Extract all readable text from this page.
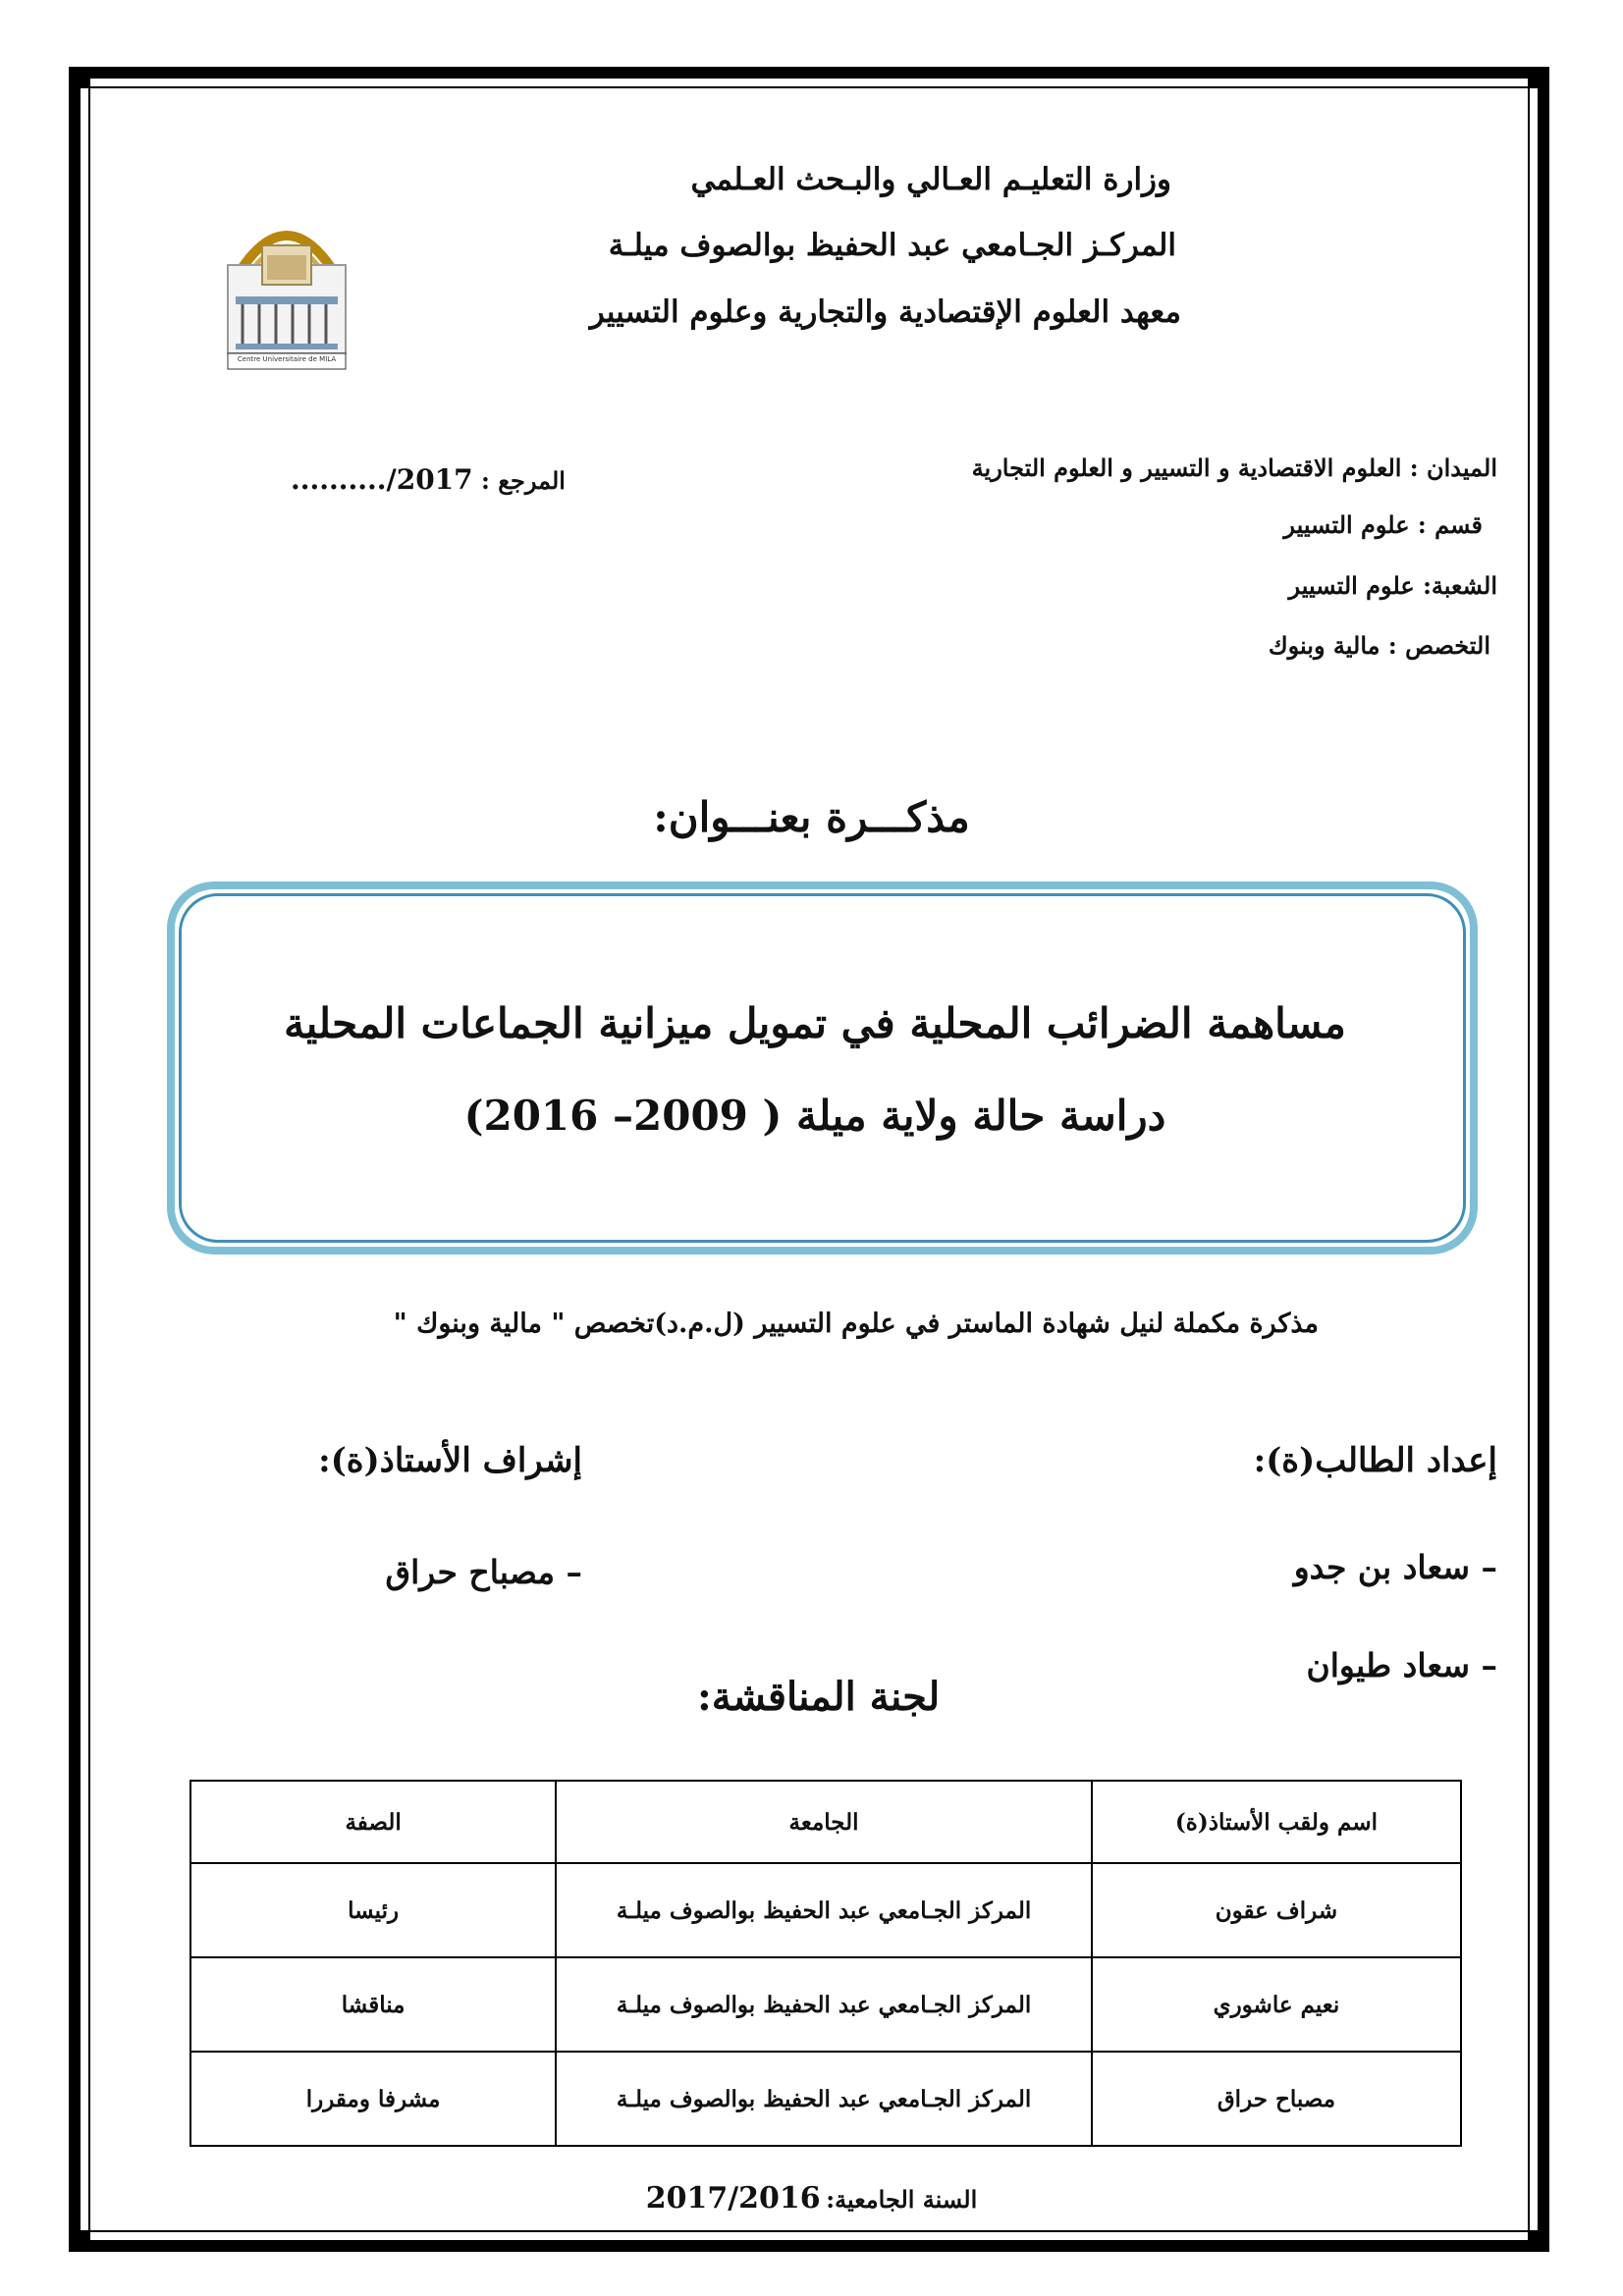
وزارة التعليـم العـالي والبـحث العـلمي
المركـز الجـامعي عبد الحفيظ بوالصوف ميلـة
معهد العلوم الإقتصادية والتجارية وعلوم التسيير
Centre Universitaire de MILA
الميدان : العلوم الاقتصادية و التسيير و العلوم التجارية
قسم : علوم التسيير
الشعبة: علوم التسيير
التخصص : مالية وبنوك
المرجع : ........../2017
مذكـــرة بعنـــوان:
مساهمة الضرائب المحلية في تمويل ميزانية الجماعات المحلية
دراسة حالة ولاية ميلة ( 2009– 2016)
مذكرة مكملة لنيل شهادة الماستر في علوم التسيير (ل.م.د)تخصص " مالية وبنوك "
إعداد الطالب(ة):
– سعاد بن جدو
– سعاد طيوان
إشراف الأستاذ(ة):
– مصباح حراق
لجنة المناقشة:
اسم ولقب الأستاذ(ة)	الجامعة	الصفة
شراف عقون	المركز الجـامعي عبد الحفيظ بوالصوف ميلـة	رئيسا
نعيم عاشوري	المركز الجـامعي عبد الحفيظ بوالصوف ميلـة	مناقشا
مصباح حراق	المركز الجـامعي عبد الحفيظ بوالصوف ميلـة	مشرفا ومقررا
السنة الجامعية: 2017/2016
